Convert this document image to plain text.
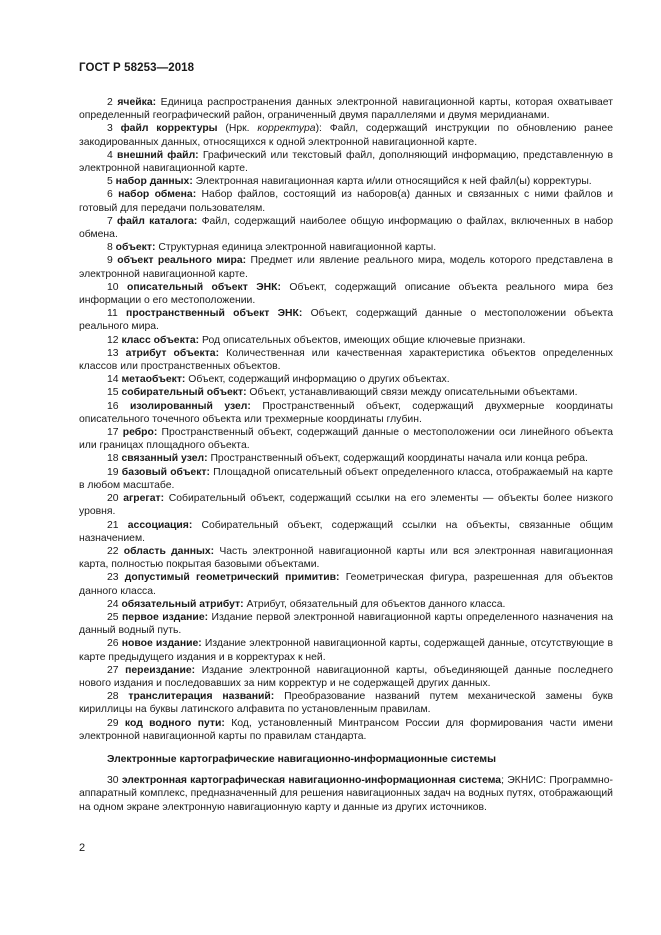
ГОСТ Р 58253—2018

2 ячейка: Единица распространения данных электронной навигационной карты, которая охватывает определенный географический район, ограниченный двумя параллелями и двумя меридианами.

3 файл корректуры (Нрк. корректура): Файл, содержащий инструкции по обновлению ранее закодированных данных, относящихся к одной электронной навигационной карте.

4 внешний файл: Графический или текстовый файл, дополняющий информацию, представленную в электронной навигационной карте.

5 набор данных: Электронная навигационная карта и/или относящийся к ней файл(ы) корректуры.

6 набор обмена: Набор файлов, состоящий из наборов(а) данных и связанных с ними файлов и готовый для передачи пользователям.

7 файл каталога: Файл, содержащий наиболее общую информацию о файлах, включенных в набор обмена.

8 объект: Структурная единица электронной навигационной карты.

9 объект реального мира: Предмет или явление реального мира, модель которого представлена в электронной навигационной карте.

10 описательный объект ЭНК: Объект, содержащий описание объекта реального мира без информации о его местоположении.

11 пространственный объект ЭНК: Объект, содержащий данные о местоположении объекта реального мира.

12 класс объекта: Род описательных объектов, имеющих общие ключевые признаки.

13 атрибут объекта: Количественная или качественная характеристика объектов определенных классов или пространственных объектов.

14 метаобъект: Объект, содержащий информацию о других объектах.

15 собирательный объект: Объект, устанавливающий связи между описательными объектами.

16 изолированный узел: Пространственный объект, содержащий двухмерные координаты описательного точечного объекта или трехмерные координаты глубин.

17 ребро: Пространственный объект, содержащий данные о местоположении оси линейного объекта или границах площадного объекта.

18 связанный узел: Пространственный объект, содержащий координаты начала или конца ребра.

19 базовый объект: Площадной описательный объект определенного класса, отображаемый на карте в любом масштабе.

20 агрегат: Собирательный объект, содержащий ссылки на его элементы — объекты более низкого уровня.

21 ассоциация: Собирательный объект, содержащий ссылки на объекты, связанные общим назначением.

22 область данных: Часть электронной навигационной карты или вся электронная навигационная карта, полностью покрытая базовыми объектами.

23 допустимый геометрический примитив: Геометрическая фигура, разрешенная для объектов данного класса.

24 обязательный атрибут: Атрибут, обязательный для объектов данного класса.

25 первое издание: Издание первой электронной навигационной карты определенного назначения на данный водный путь.

26 новое издание: Издание электронной навигационной карты, содержащей данные, отсутствующие в карте предыдущего издания и в корректурах к ней.

27 переиздание: Издание электронной навигационной карты, объединяющей данные последнего нового издания и последовавших за ним корректур и не содержащей других данных.

28 транслитерация названий: Преобразование названий путем механической замены букв кириллицы на буквы латинского алфавита по установленным правилам.

29 код водного пути: Код, установленный Минтрансом России для формирования части имени электронной навигационной карты по правилам стандарта.

Электронные картографические навигационно-информационные системы

30 электронная картографическая навигационно-информационная система; ЭКНИС: Программно-аппаратный комплекс, предназначенный для решения навигационных задач на водных путях, отображающий на одном экране электронную навигационную карту и данные из других источников.

2
